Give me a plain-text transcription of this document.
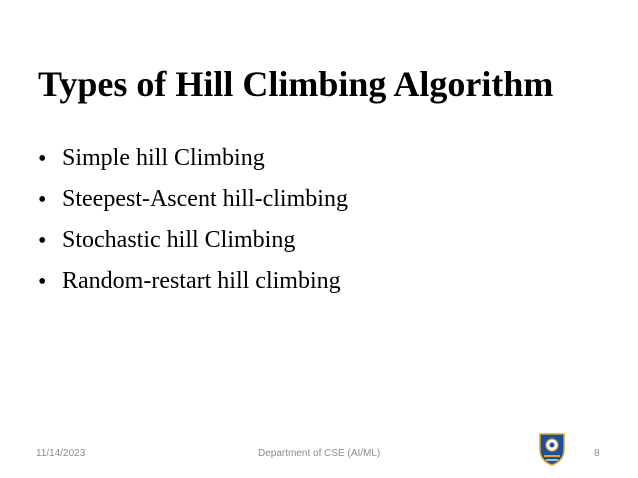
Types of Hill Climbing Algorithm
• Simple hill Climbing
• Steepest-Ascent hill-climbing
• Stochastic hill Climbing
• Random-restart hill climbing
11/14/2023	Department of CSE (AI/ML)	8
